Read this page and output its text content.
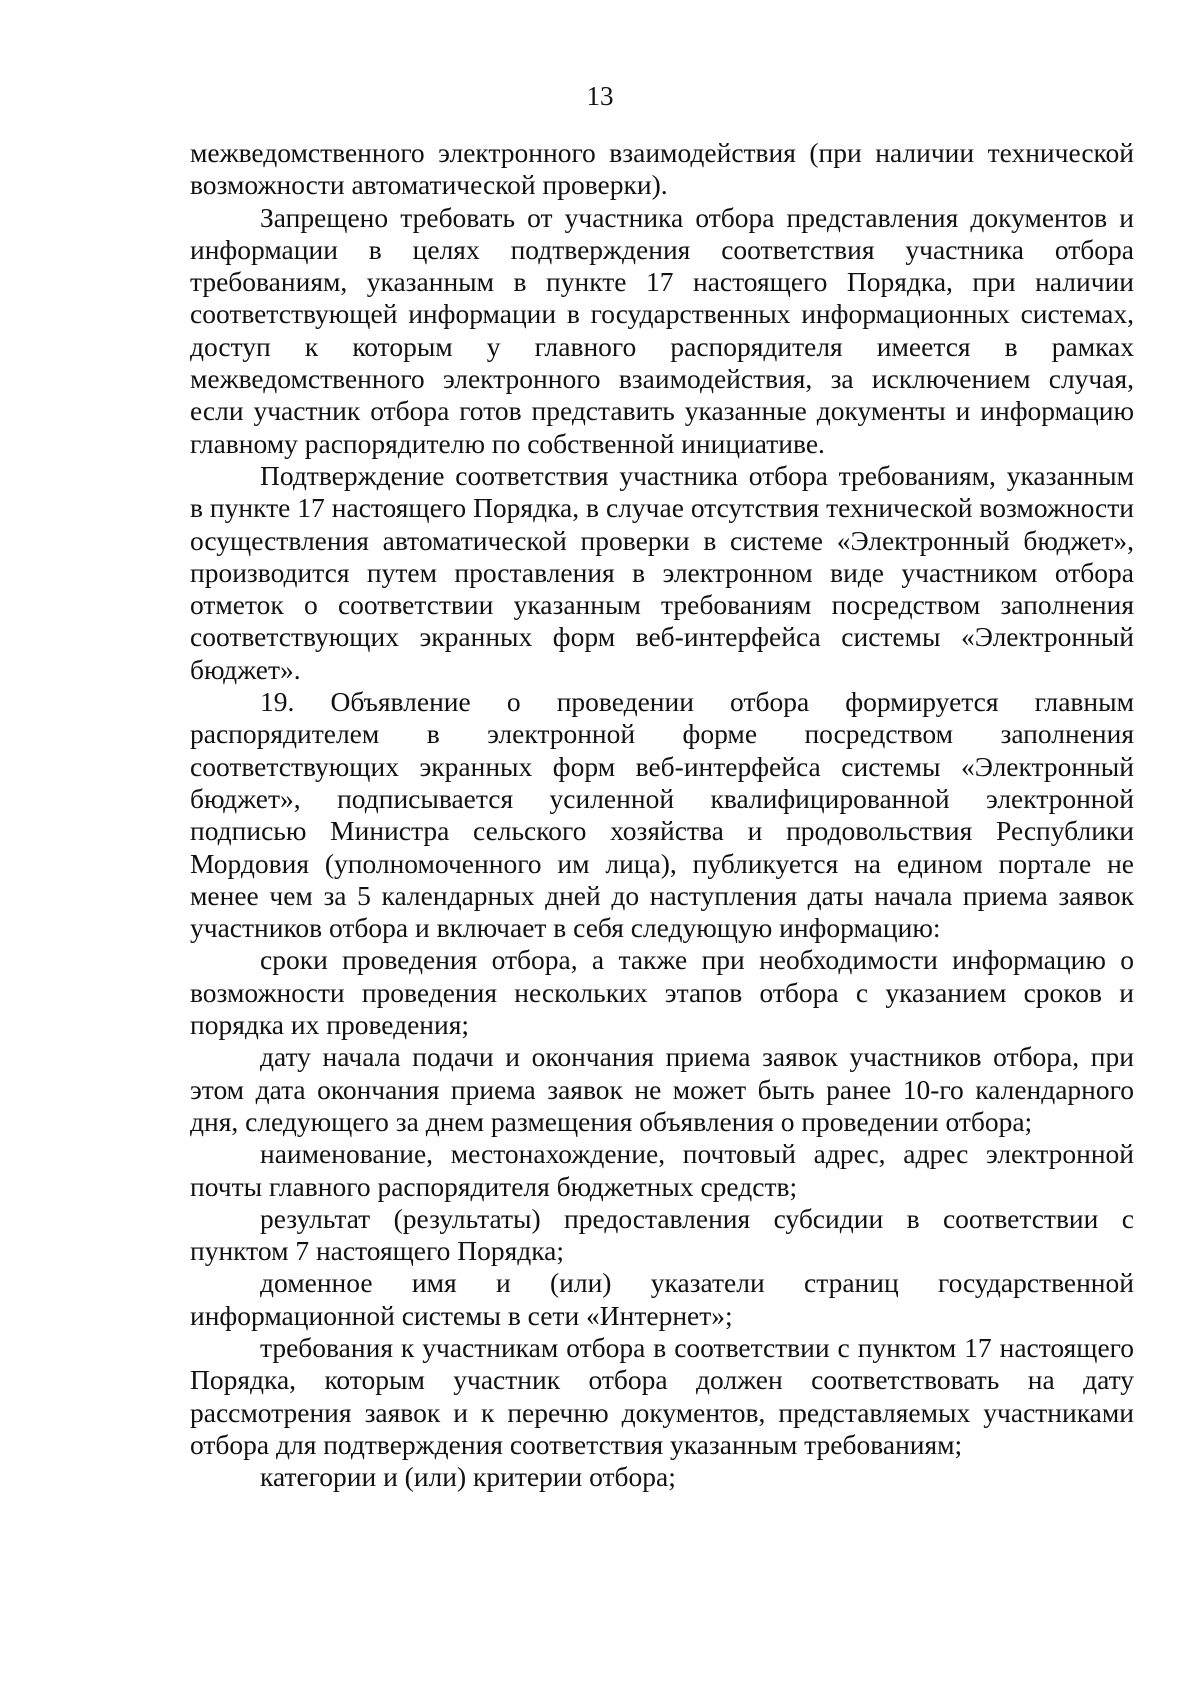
13

межведомственного электронного взаимодействия (при наличии технической возможности автоматической проверки).

Запрещено требовать от участника отбора представления документов и информации в целях подтверждения соответствия участника отбора требованиям, указанным в пункте 17 настоящего Порядка, при наличии соответствующей информации в государственных информационных системах, доступ к которым у главного распорядителя имеется в рамках межведомственного электронного взаимодействия, за исключением случая, если участник отбора готов представить указанные документы и информацию главному распорядителю по собственной инициативе.

Подтверждение соответствия участника отбора требованиям, указанным в пункте 17 настоящего Порядка, в случае отсутствия технической возможности осуществления автоматической проверки в системе «Электронный бюджет», производится путем проставления в электронном виде участником отбора отметок о соответствии указанным требованиям посредством заполнения соответствующих экранных форм веб-интерфейса системы «Электронный бюджет».

19. Объявление о проведении отбора формируется главным распорядителем в электронной форме посредством заполнения соответствующих экранных форм веб-интерфейса системы «Электронный бюджет», подписывается усиленной квалифицированной электронной подписью Министра сельского хозяйства и продовольствия Республики Мордовия (уполномоченного им лица), публикуется на едином портале не менее чем за 5 календарных дней до наступления даты начала приема заявок участников отбора и включает в себя следующую информацию:

сроки проведения отбора, а также при необходимости информацию о возможности проведения нескольких этапов отбора с указанием сроков и порядка их проведения;

дату начала подачи и окончания приема заявок участников отбора, при этом дата окончания приема заявок не может быть ранее 10-го календарного дня, следующего за днем размещения объявления о проведении отбора;

наименование, местонахождение, почтовый адрес, адрес электронной почты главного распорядителя бюджетных средств;

результат (результаты) предоставления субсидии в соответствии с пунктом 7 настоящего Порядка;

доменное имя и (или) указатели страниц государственной информационной системы в сети «Интернет»;

требования к участникам отбора в соответствии с пунктом 17 настоящего Порядка, которым участник отбора должен соответствовать на дату рассмотрения заявок и к перечню документов, представляемых участниками отбора для подтверждения соответствия указанным требованиям;

категории и (или) критерии отбора;
